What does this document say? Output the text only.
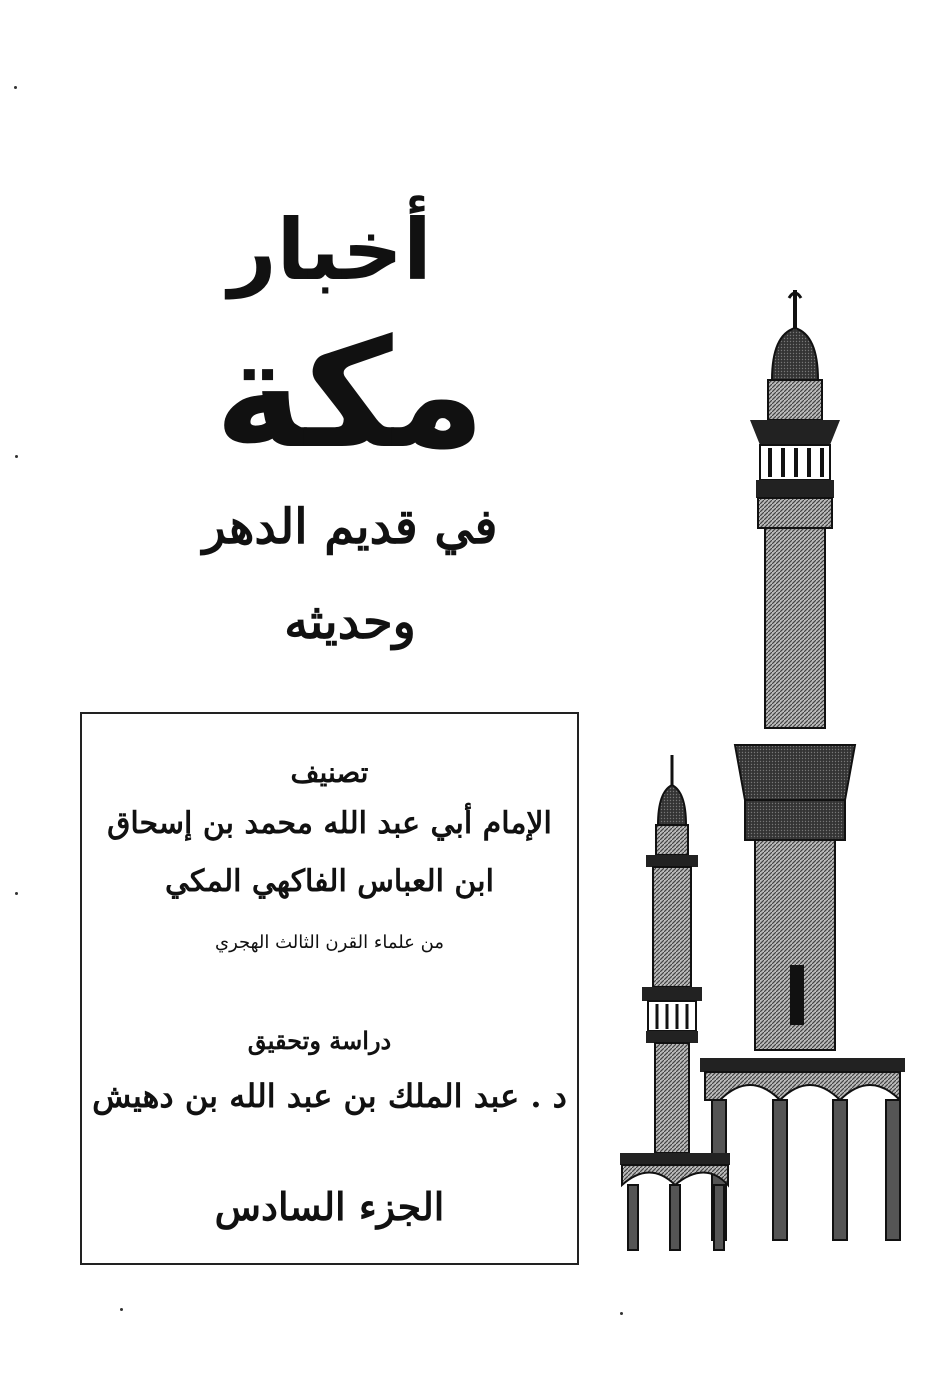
أخبار
مكة
في قديم الدهر وحديثه
تصنيف
الإمام أبي عبد الله محمد بن إسحاق
ابن العباس الفاكهي المكي
من علماء القرن الثالث الهجري
دراسة وتحقيق
د . عبد الملك بن عبد الله بن دهيش
الجزء السادس
